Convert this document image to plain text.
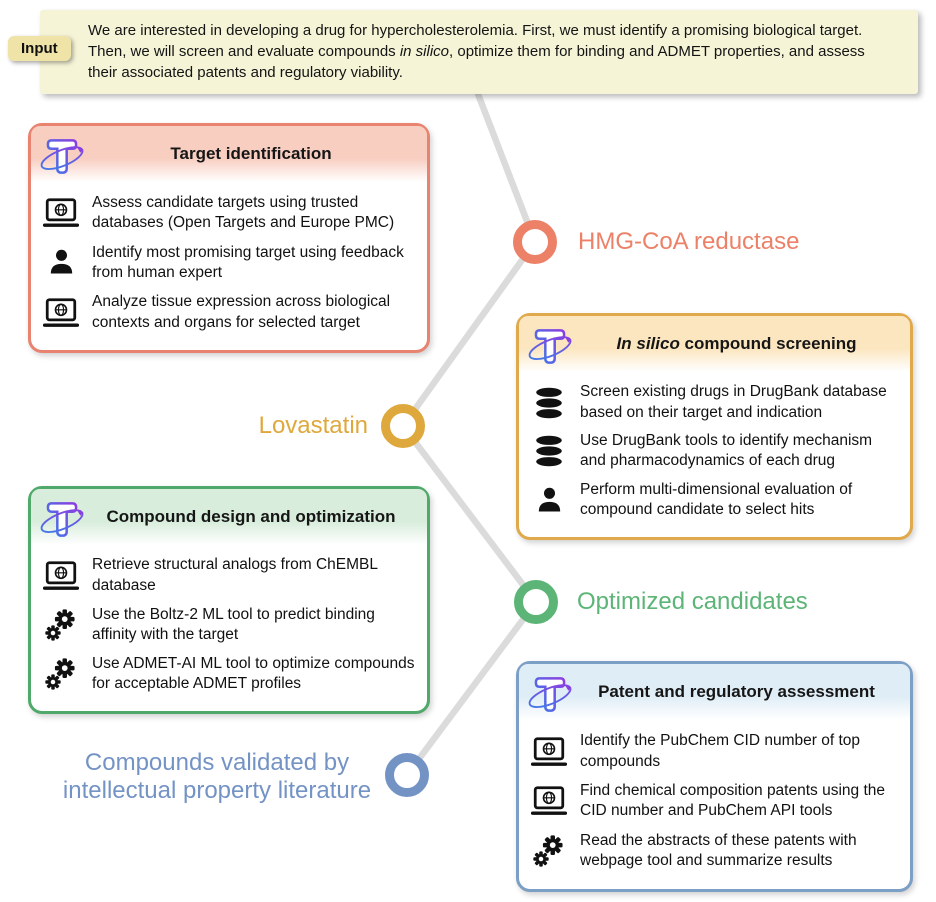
We are interested in developing a drug for hypercholesterolemia. First, we must identify a promising biological target. Then, we will screen and evaluate compounds in silico, optimize them for binding and ADMET properties, and assess their associated patents and regulatory viability.
Input
Target identification
Assess candidate targets using trusted databases (Open Targets and Europe PMC)
Identify most promising target using feedback from human expert
Analyze tissue expression across biological contexts and organs for selected target
In silico compound screening
Screen existing drugs in DrugBank database based on their target and indication
Use DrugBank tools to identify mechanism and pharmacodynamics of each drug
Perform multi-dimensional evaluation of compound candidate to select hits
Compound design and optimization
Retrieve structural analogs from ChEMBL database
Use the Boltz-2 ML tool to predict binding affinity with the target
Use ADMET-AI ML tool to optimize compounds for acceptable ADMET profiles	Patent and regulatory assessment
Identify the PubChem CID number of top compounds
Find chemical composition patents using the CID number and PubChem API tools
Read the abstracts of these patents with webpage tool and summarize results
HMG-CoA reductase
Lovastatin
Optimized candidates
Compounds validated by intellectual property literature
